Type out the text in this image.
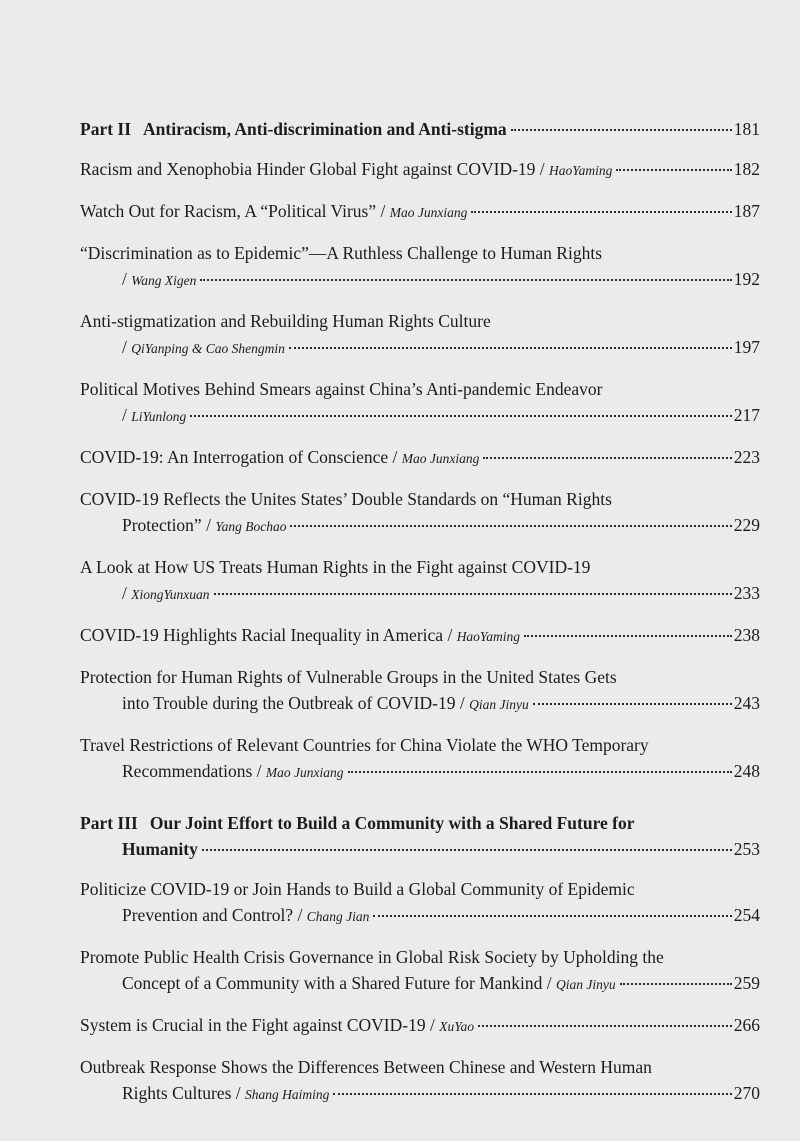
Part II Antiracism, Anti-discrimination and Anti-stigma	181
Racism and Xenophobia Hinder Global Fight against COVID-19 / HaoYaming	182
Watch Out for Racism, A “Political Virus” / Mao Junxiang	187
“Discrimination as to Epidemic”—A Ruthless Challenge to Human Rights
/ Wang Xigen	192
Anti-stigmatization and Rebuilding Human Rights Culture
/ QiYanping & Cao Shengmin	197
Political Motives Behind Smears against China’s Anti-pandemic Endeavor
/ LiYunlong	217
COVID-19: An Interrogation of Conscience / Mao Junxiang	223
COVID-19 Reflects the Unites States’ Double Standards on “Human Rights
Protection” / Yang Bochao	229
A Look at How US Treats Human Rights in the Fight against COVID-19
/ XiongYunxuan	233
COVID-19 Highlights Racial Inequality in America / HaoYaming	238
Protection for Human Rights of Vulnerable Groups in the United States Gets
into Trouble during the Outbreak of COVID-19 / Qian Jinyu	243
Travel Restrictions of Relevant Countries for China Violate the WHO Temporary
Recommendations / Mao Junxiang	248
Part III Our Joint Effort to Build a Community with a Shared Future for
Humanity	253
Politicize COVID-19 or Join Hands to Build a Global Community of Epidemic
Prevention and Control? / Chang Jian	254
Promote Public Health Crisis Governance in Global Risk Society by Upholding the
Concept of a Community with a Shared Future for Mankind / Qian Jinyu	259
System is Crucial in the Fight against COVID-19 / XuYao	266
Outbreak Response Shows the Differences Between Chinese and Western Human
Rights Cultures / Shang Haiming	270
